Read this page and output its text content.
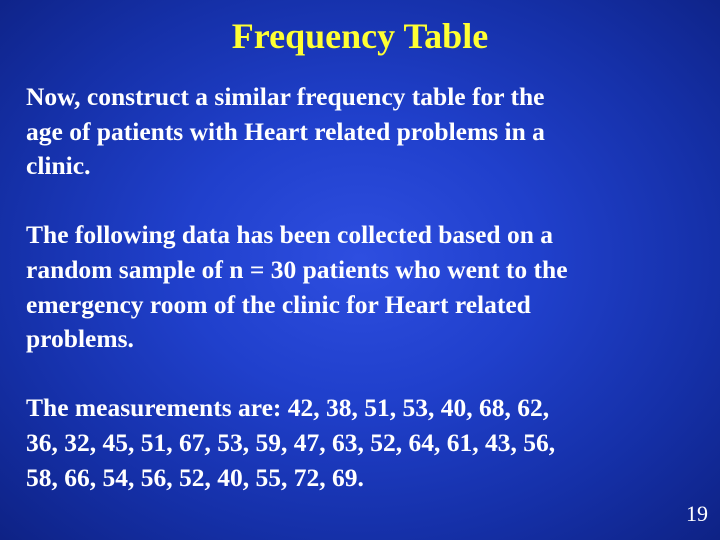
Frequency Table
Now, construct a similar frequency table for the
age of patients with Heart related problems in a
clinic.
The following data has been collected based on a
random sample of n = 30 patients who went to the
emergency room of the clinic for Heart related
problems.
The measurements are: 42, 38, 51, 53, 40, 68, 62,
36, 32, 45, 51, 67, 53, 59, 47, 63, 52, 64, 61, 43, 56,
58, 66, 54, 56, 52, 40, 55, 72, 69.
19
